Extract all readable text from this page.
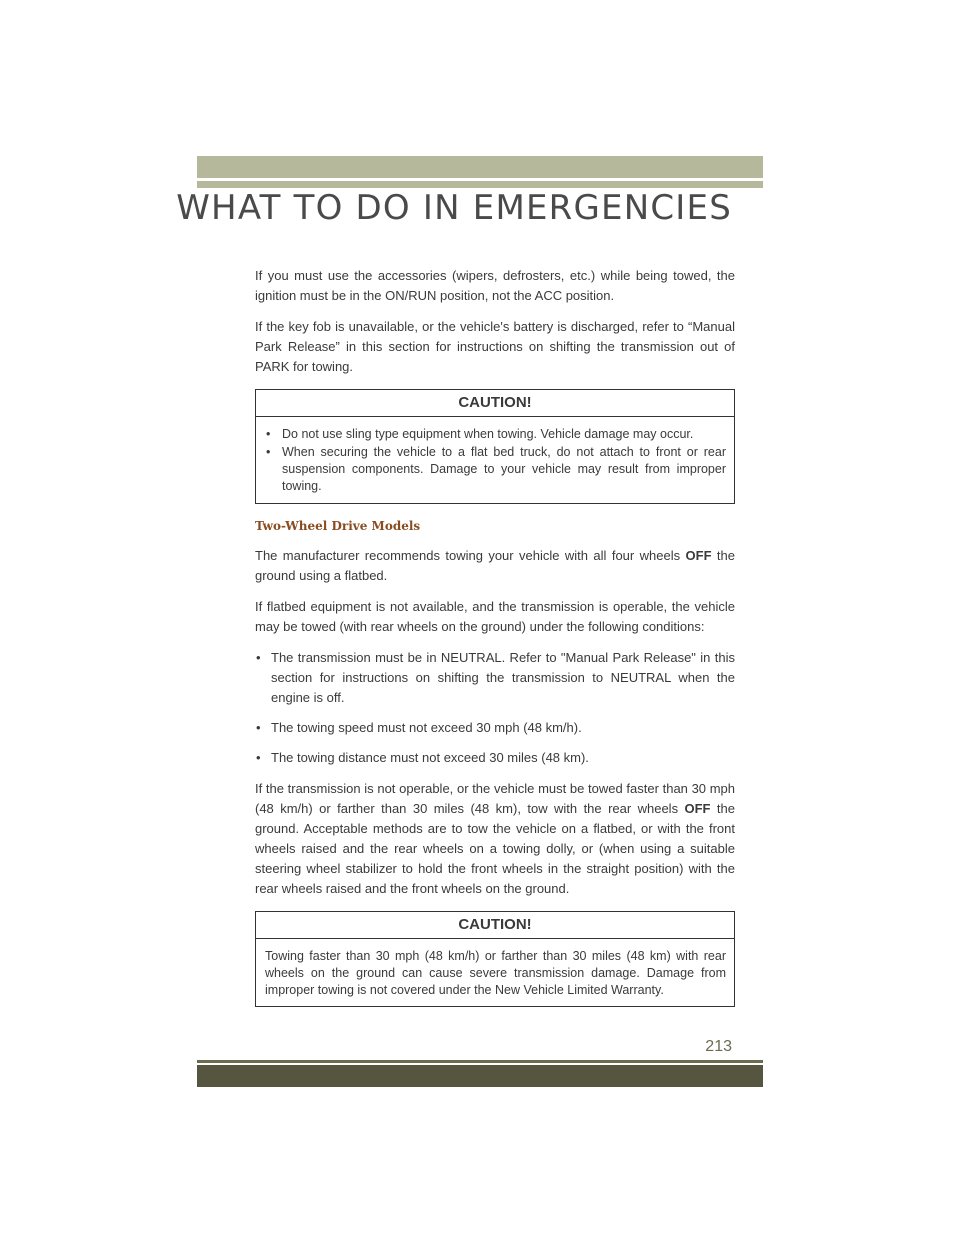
WHAT TO DO IN EMERGENCIES

If you must use the accessories (wipers, defrosters, etc.) while being towed, the ignition must be in the ON/RUN position, not the ACC position.

If the key fob is unavailable, or the vehicle's battery is discharged, refer to “Manual Park Release” in this section for instructions on shifting the transmission out of PARK for towing.

CAUTION!
• Do not use sling type equipment when towing. Vehicle damage may occur.
• When securing the vehicle to a flat bed truck, do not attach to front or rear suspension components. Damage to your vehicle may result from improper towing.
Two-Wheel Drive Models

The manufacturer recommends towing your vehicle with all four wheels OFF the ground using a flatbed.

If flatbed equipment is not available, and the transmission is operable, the vehicle may be towed (with rear wheels on the ground) under the following conditions:

• The transmission must be in NEUTRAL. Refer to "Manual Park Release" in this section for instructions on shifting the transmission to NEUTRAL when the engine is off.
• The towing speed must not exceed 30 mph (48 km/h).
• The towing distance must not exceed 30 miles (48 km).

If the transmission is not operable, or the vehicle must be towed faster than 30 mph (48 km/h) or farther than 30 miles (48 km), tow with the rear wheels OFF the ground. Acceptable methods are to tow the vehicle on a flatbed, or with the front wheels raised and the rear wheels on a towing dolly, or (when using a suitable steering wheel stabilizer to hold the front wheels in the straight position) with the rear wheels raised and the front wheels on the ground.

CAUTION!

Towing faster than 30 mph (48 km/h) or farther than 30 miles (48 km) with rear wheels on the ground can cause severe transmission damage. Damage from improper towing is not covered under the New Vehicle Limited Warranty.

213
